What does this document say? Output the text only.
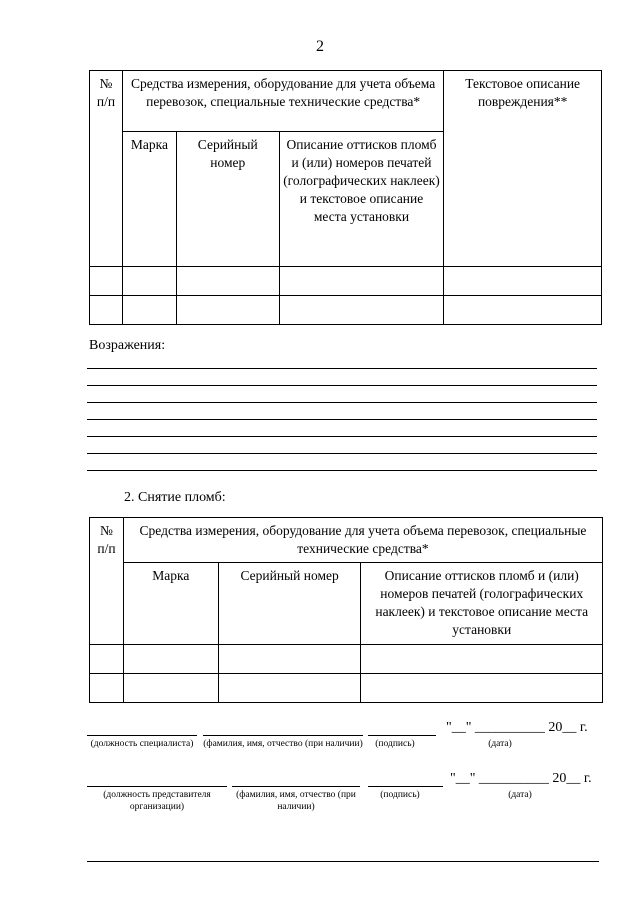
2
№ п/п	Средства измерения, оборудование для учета объема перевозок, специальные технические средства*			Текстовое описание повреждения**
	Марка	Серийный номер	Описание оттисков пломб и (или) номеров печатей (голографических наклеек) и текстовое описание места установки	

Возражения:
2. Снятие пломб:
№ п/п	Средства измерения, оборудование для учета объема перевозок, специальные технические средства*		
	Марка	Серийный номер	Описание оттисков пломб и (или) номеров печатей (голографических наклеек) и текстовое описание места установки

"__" __________ 20__ г.
(должность специалиста)	(фамилия, имя, отчество (при наличии)	(подпись)	(дата)
"__" __________ 20__ г.
(должность представителя организации)
(фамилия, имя, отчество (при наличии)
(подпись)	(дата)
